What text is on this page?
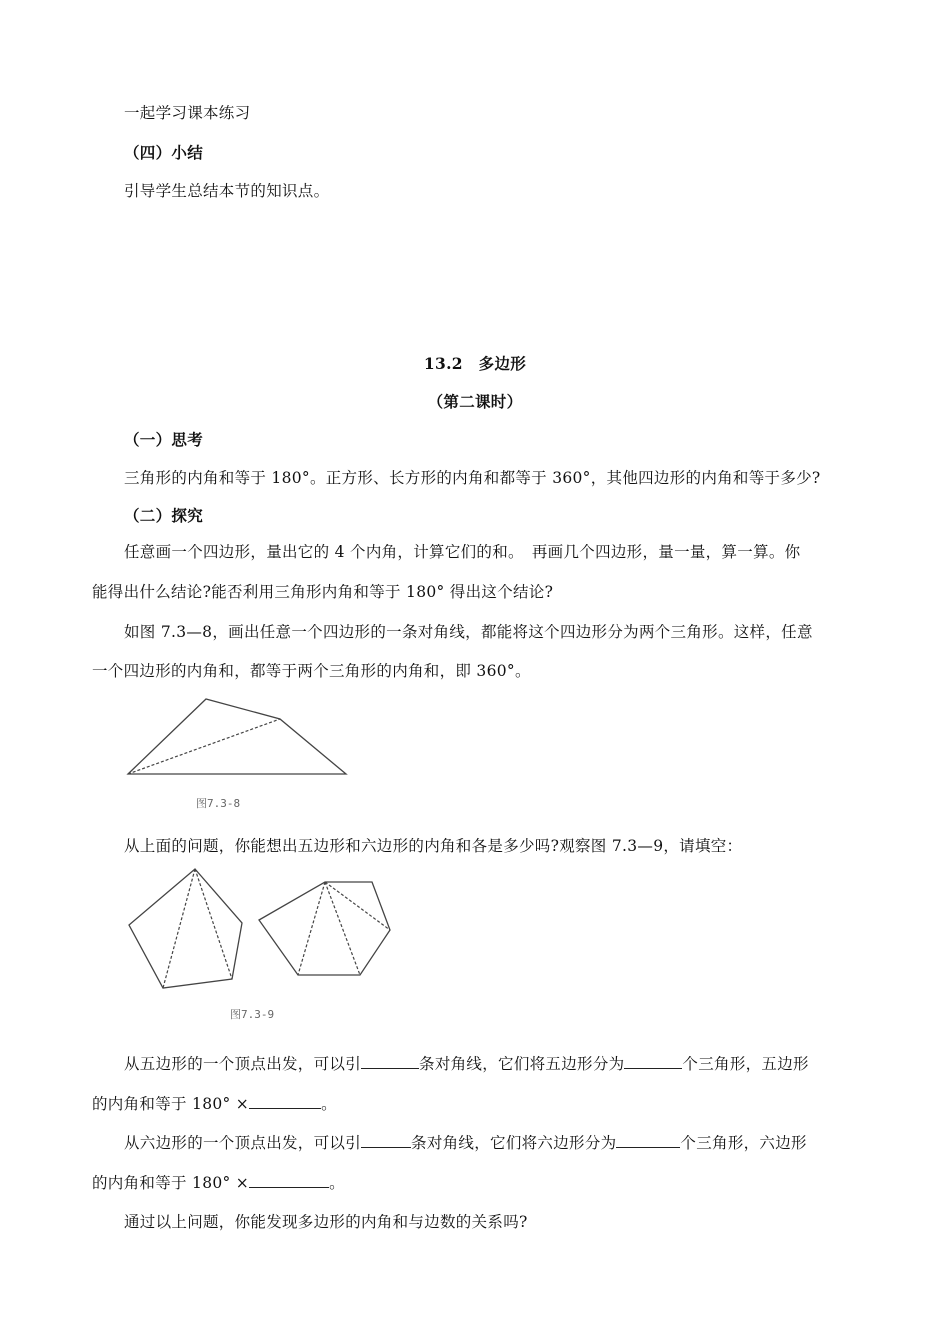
一起学习课本练习
（四）小结
引导学生总结本节的知识点。
13.2　多边形
（第二课时）
（一）思考
三角形的内角和等于 180°。正方形、长方形的内角和都等于 360°，其他四边形的内角和等于多少?
（二）探究
任意画一个四边形，量出它的 4 个内角，计算它们的和。　再画几个四边形，量一量，算一算。你
能得出什么结论?能否利用三角形内角和等于 180° 得出这个结论?
如图 7.3—8，画出任意一个四边形的一条对角线，都能将这个四边形分为两个三角形。这样，任意
一个四边形的内角和，都等于两个三角形的内角和，即 360°。
图7.3-8
从上面的问题，你能想出五边形和六边形的内角和各是多少吗?观察图 7.3—9，请填空：
图7.3-9
从五边形的一个顶点出发，可以引	条对角线，它们将五边形分为	个三角形，五边形
的内角和等于 180° ×	。
从六边形的一个顶点出发，可以引	条对角线，它们将六边形分为	个三角形，六边形
的内角和等于 180° ×	。
通过以上问题，你能发现多边形的内角和与边数的关系吗?
